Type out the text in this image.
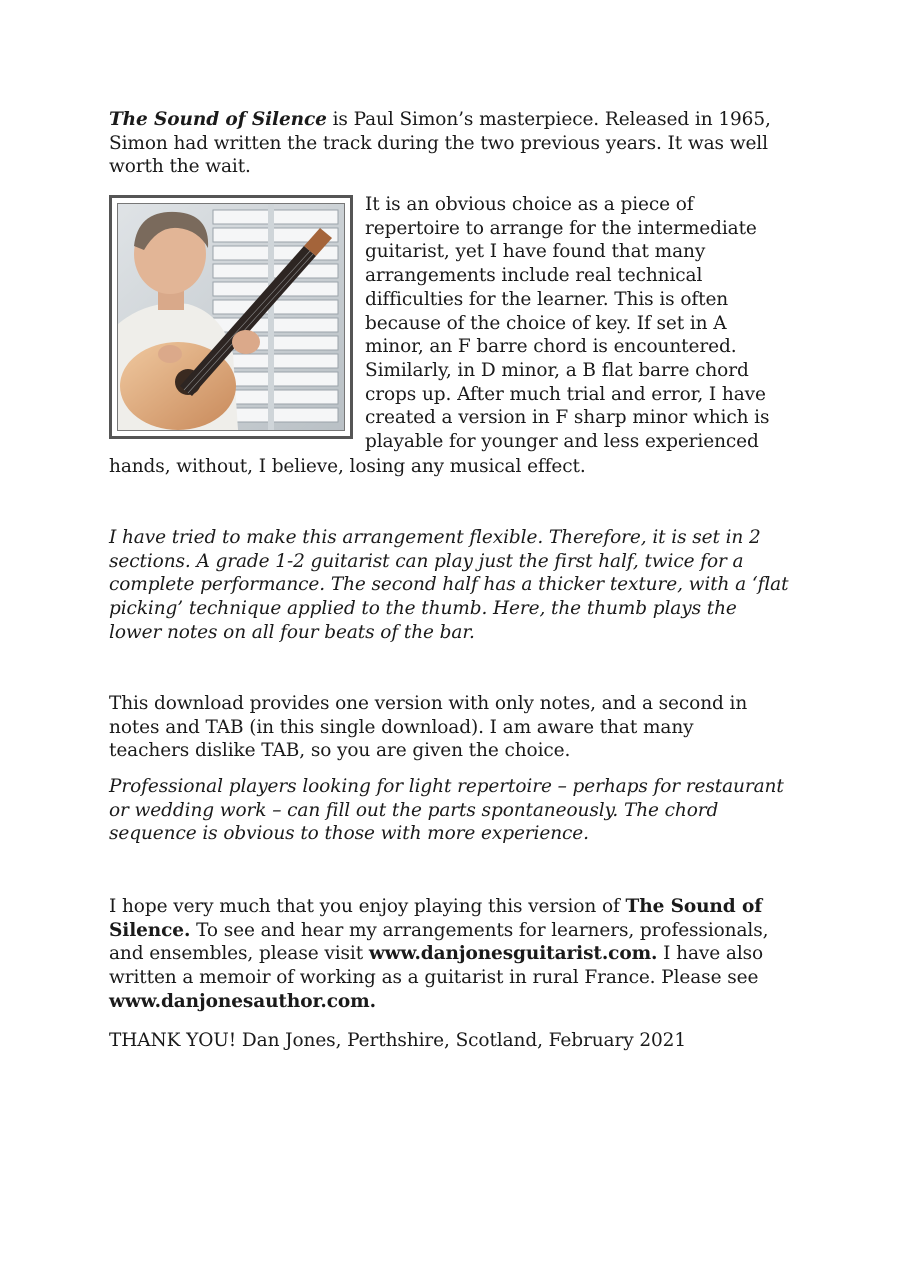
The Sound of Silence is Paul Simon’s masterpiece. Released in 1965,
Simon had written the track during the two previous years. It was well
worth the wait.

It is an obvious choice as a piece of
repertoire to arrange for the intermediate
guitarist, yet I have found that many
arrangements include real technical
difficulties for the learner. This is often
because of the choice of key. If set in A
minor, an F barre chord is encountered.
Similarly, in D minor, a B flat barre chord
crops up. After much trial and error, I have
created a version in F sharp minor which is
playable for younger and less experienced

hands, without, I believe, losing any musical effect.

I have tried to make this arrangement flexible. Therefore, it is set in 2
sections. A grade 1-2 guitarist can play just the first half, twice for a
complete performance. The second half has a thicker texture, with a ‘flat
picking’ technique applied to the thumb. Here, the thumb plays the
lower notes on all four beats of the bar.

This download provides one version with only notes, and a second in
notes and TAB (in this single download). I am aware that many
teachers dislike TAB, so you are given the choice.

Professional players looking for light repertoire – perhaps for restaurant
or wedding work – can fill out the parts spontaneously. The chord
sequence is obvious to those with more experience.

I hope very much that you enjoy playing this version of The Sound of
Silence. To see and hear my arrangements for learners, professionals,
and ensembles, please visit www.danjonesguitarist.com. I have also
written a memoir of working as a guitarist in rural France. Please see
www.danjonesauthor.com.

THANK YOU! Dan Jones, Perthshire, Scotland, February 2021
